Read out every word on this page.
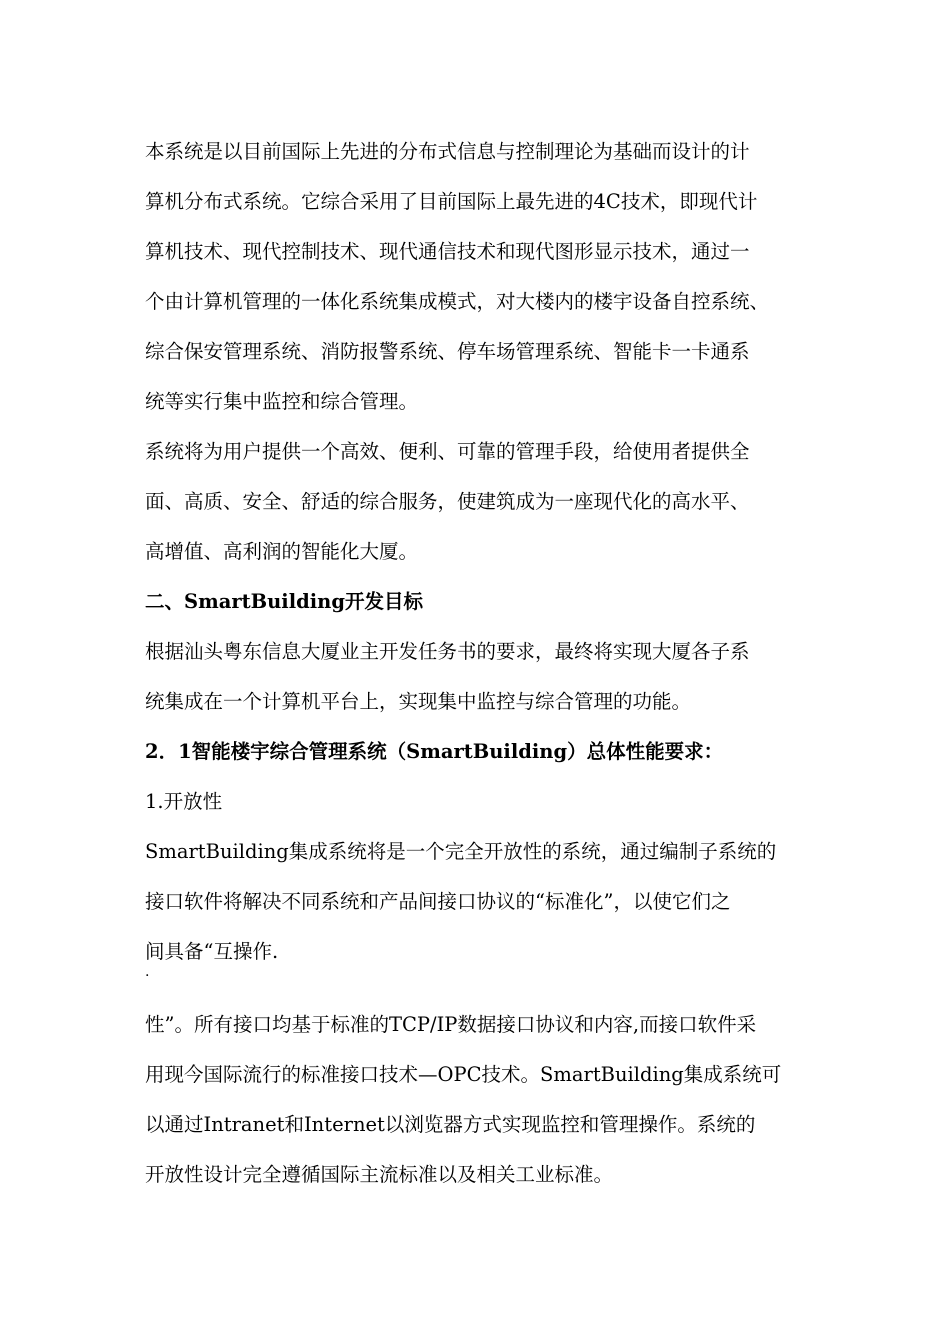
本系统是以目前国际上先进的分布式信息与控制理论为基础而设计的计
算机分布式系统。它综合采用了目前国际上最先进的4C技术，即现代计
算机技术、现代控制技术、现代通信技术和现代图形显示技术，通过一
个由计算机管理的一体化系统集成模式，对大楼内的楼宇设备自控系统、
综合保安管理系统、消防报警系统、停车场管理系统、智能卡一卡通系
统等实行集中监控和综合管理。
系统将为用户提供一个高效、便利、可靠的管理手段，给使用者提供全
面、高质、安全、舒适的综合服务，使建筑成为一座现代化的高水平、
高增值、高利润的智能化大厦。
二、SmartBuilding开发目标
根据汕头粤东信息大厦业主开发任务书的要求，最终将实现大厦各子系
统集成在一个计算机平台上，实现集中监控与综合管理的功能。
2．1智能楼宇综合管理系统（SmartBuilding）总体性能要求：
1.开放性
SmartBuilding集成系统将是一个完全开放性的系统，通过编制子系统的
接口软件将解决不同系统和产品间接口协议的“标准化”，以使它们之
间具备“互操作.
.
性”。所有接口均基于标准的TCP/IP数据接口协议和内容,而接口软件采
用现今国际流行的标准接口技术—OPC技术。SmartBuilding集成系统可
以通过Intranet和Internet以浏览器方式实现监控和管理操作。系统的
开放性设计完全遵循国际主流标准以及相关工业标准。
